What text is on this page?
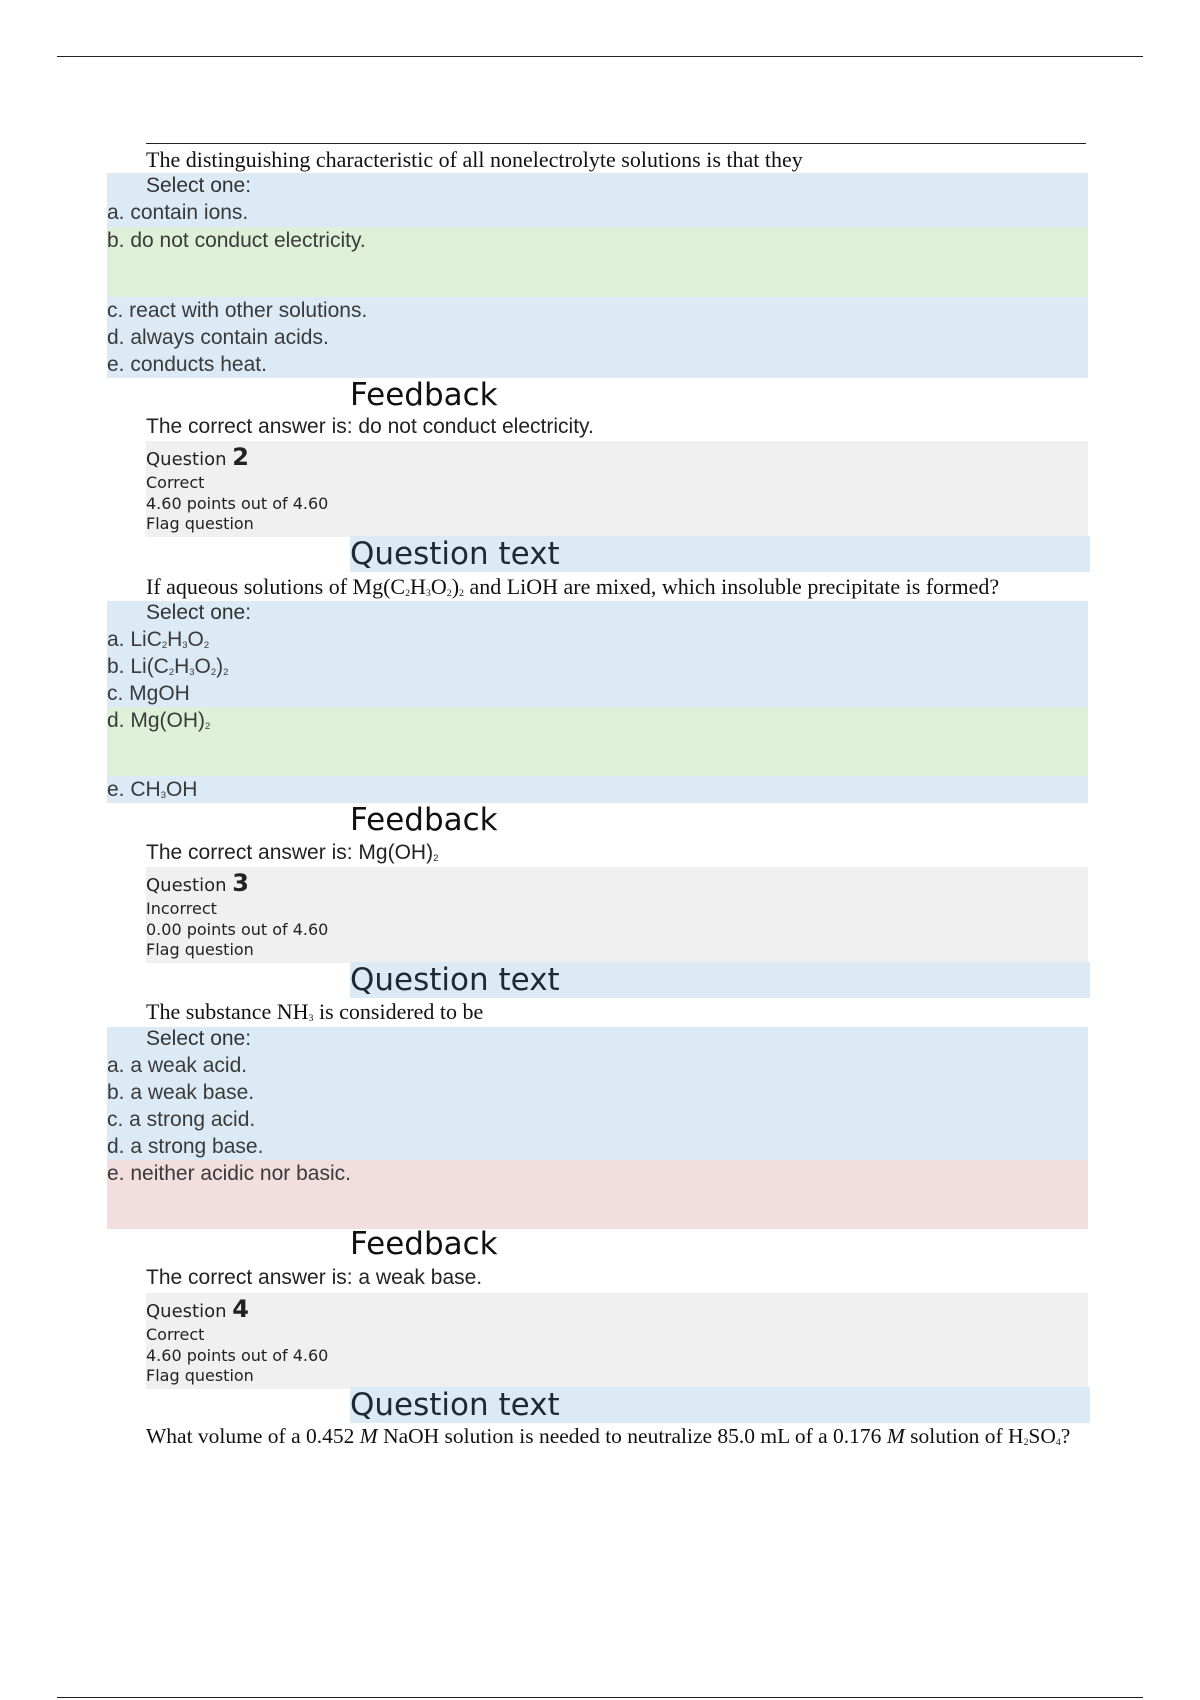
The distinguishing characteristic of all nonelectrolyte solutions is that they
Select one:
a. contain ions.
b. do not conduct electricity.
c. react with other solutions.
d. always contain acids.
e. conducts heat.
Feedback
The correct answer is: do not conduct electricity.
Question 2
Correct
4.60 points out of 4.60
Flag question
Question text
If aqueous solutions of $Mg(C_2H_3O_2)_2$ and LiOH are mixed, which insoluble precipitate is formed?
Select one:
a. $LiC_2H_3O_2$
b. $Li(C_2H_3O_2)_2$
c. MgOH
d. $Mg(OH)_2$
e. $CH_3OH$
Feedback
The correct answer is: $Mg(OH)_2$
Question 3
Incorrect
0.00 points out of 4.60
Flag question
Question text
The substance $NH_3$ is considered to be
Select one:
a. a weak acid.
b. a weak base.
c. a strong acid.
d. a strong base.
e. neither acidic nor basic.
Feedback
The correct answer is: a weak base.
Question 4
Correct
4.60 points out of 4.60
Flag question
Question text
What volume of a 0.452 M NaOH solution is needed to neutralize 85.0 mL of a 0.176 M solution of $H_2SO_4$?
